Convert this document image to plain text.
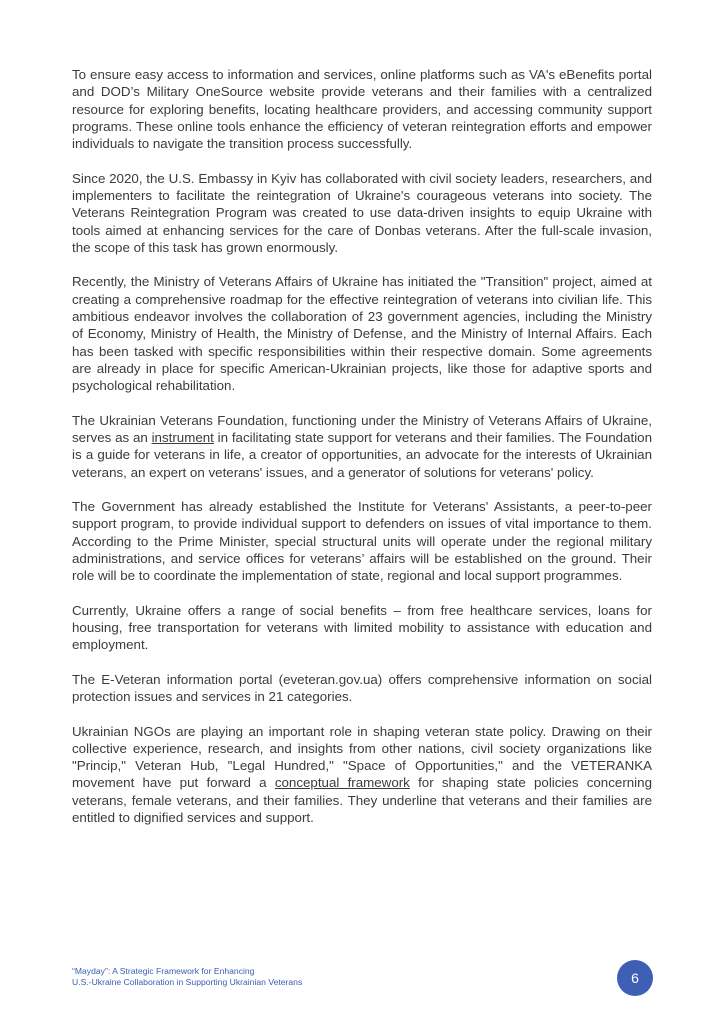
To ensure easy access to information and services, online platforms such as VA's eBenefits portal and DOD’s Military OneSource website provide veterans and their families with a centralized resource for exploring benefits, locating healthcare providers, and accessing community support programs. These online tools enhance the efficiency of veteran reintegration efforts and empower individuals to navigate the transition process successfully.

Since 2020, the U.S. Embassy in Kyiv has collaborated with civil society leaders, researchers, and implementers to facilitate the reintegration of Ukraine's courageous veterans into society. The Veterans Reintegration Program was created to use data-driven insights to equip Ukraine with tools aimed at enhancing services for the care of Donbas veterans. After the full-scale invasion, the scope of this task has grown enormously.

Recently, the Ministry of Veterans Affairs of Ukraine has initiated the "Transition" project, aimed at creating a comprehensive roadmap for the effective reintegration of veterans into civilian life. This ambitious endeavor involves the collaboration of 23 government agencies, including the Ministry of Economy, Ministry of Health, the Ministry of Defense, and the Ministry of Internal Affairs. Each has been tasked with specific responsibilities within their respective domain. Some agreements are already in place for specific American-Ukrainian projects, like those for adaptive sports and psychological rehabilitation.

The Ukrainian Veterans Foundation, functioning under the Ministry of Veterans Affairs of Ukraine, serves as an instrument in facilitating state support for veterans and their families. The Foundation is a guide for veterans in life, a creator of opportunities, an advocate for the interests of Ukrainian veterans, an expert on veterans' issues, and a generator of solutions for veterans' policy.

The Government has already established the Institute for Veterans' Assistants, a peer-to-peer support program, to provide individual support to defenders on issues of vital importance to them. According to the Prime Minister, special structural units will operate under the regional military administrations, and service offices for veterans’ affairs will be established on the ground. Their role will be to coordinate the implementation of state, regional and local support programmes.

Currently, Ukraine offers a range of social benefits – from free healthcare services, loans for housing, free transportation for veterans with limited mobility to assistance with education and employment.

The E-Veteran information portal (eveteran.gov.ua) offers comprehensive information on social protection issues and services in 21 categories.

Ukrainian NGOs are playing an important role in shaping veteran state policy. Drawing on their collective experience, research, and insights from other nations, civil society organizations like "Princip," Veteran Hub, "Legal Hundred," "Space of Opportunities," and the VETERANKA movement have put forward a conceptual framework for shaping state policies concerning veterans, female veterans, and their families. They underline that veterans and their families are entitled to dignified services and support.

“Mayday”: A Strategic Framework for Enhancing
U.S.-Ukraine Collaboration in Supporting Ukrainian Veterans	6
